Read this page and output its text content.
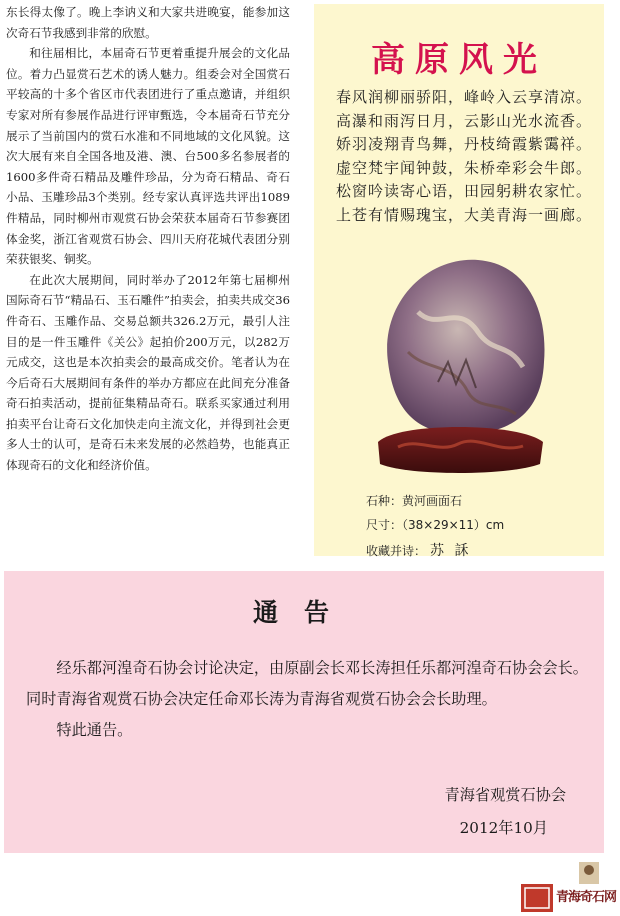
东长得太像了。晚上李讷义和大家共进晚宴，能参加这次奇石节我感到非常的欣慰。

和往届相比，本届奇石节更着重提升展会的文化品位。着力凸显赏石艺术的诱人魅力。组委会对全国赏石平较高的十多个省区市代表团进行了重点邀请，并组织专家对所有参展作品进行评审甄选，令本届奇石节充分展示了当前国内的赏石水准和不同地域的文化风貌。这次大展有来自全国各地及港、澳、台500多名参展者的1600多件奇石精品及雕件珍品，分为奇石精品、奇石小品、玉雕珍品3个类别。经专家认真评选共评出1089件精品，同时柳州市观赏石协会荣获本届奇石节参赛团体金奖，浙江省观赏石协会、四川天府花城代表团分别荣获银奖、铜奖。

在此次大展期间，同时举办了2012年第七届柳州国际奇石节“精品石、玉石雕件”拍卖会，拍卖共成交36件奇石、玉雕作品、交易总额共326.2万元，最引人注目的是一件玉雕件《关公》起拍价200万元，以282万元成交，这也是本次拍卖会的最高成交价。笔者认为在今后奇石大展期间有条件的举办方都应在此间充分准备奇石拍卖活动，提前征集精品奇石。联系买家通过利用拍卖平台让奇石文化加快走向主流文化，并得到社会更多人士的认可，是奇石未来发展的必然趋势，也能真正体现奇石的文化和经济价值。

高原风光
春风润柳丽骄阳，峰岭入云享清凉。
高瀑和雨泻日月，云影山光水流香。
娇羽凌翔青鸟舞，丹枝绮霞紫霭祥。
虚空梵宇闻钟鼓，朱桥牵彩会牛郎。
松窗吟读寄心语，田园躬耕农家忙。
上苍有情赐瑰宝，大美青海一画廊。
石种：黄河画面石
尺寸：（38×29×11）cm
收藏并诗： 苏 訸
通告

经乐都河湟奇石协会讨论决定，由原副会长邓长涛担任乐都河湟奇石协会会长。同时青海省观赏石协会决定任命邓长涛为青海省观赏石协会会长助理。

特此通告。

青海省观赏石协会
2012年10月
青海奇石网
